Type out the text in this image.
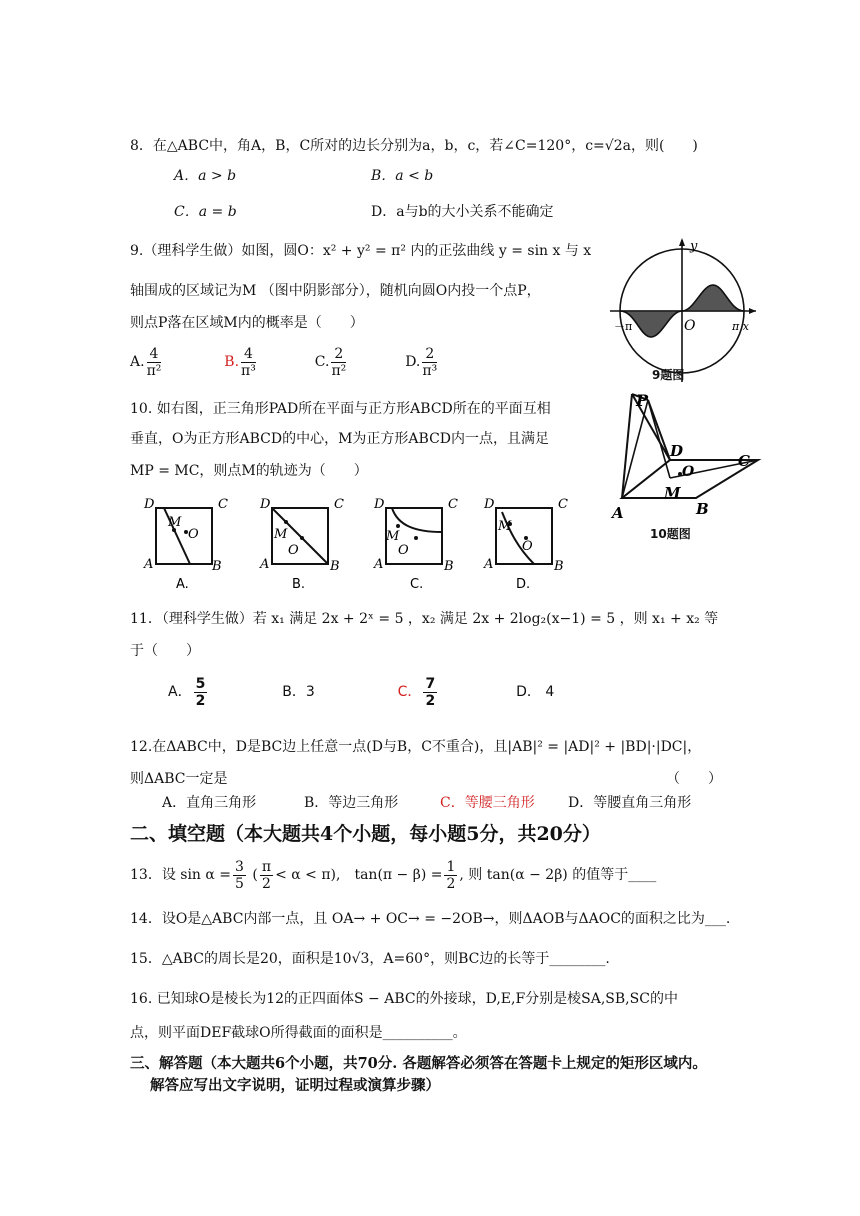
8．在△ABC中，角A，B，C所对的边长分别为a，b，c，若∠C=120°，c=√2a，则(　　)
A．a > b	B．a < b
C．a = b	D．a与b的大小关系不能确定
9.（理科学生做）如图，圆O：x² + y² = π² 内的正弦曲线 y = sin x 与 x
轴围成的区域记为M （图中阴影部分），随机向圆O内投一个点P，
则点P落在区域M内的概率是（　　）
A. $\frac{4}{\text{π²}}$	B. $\frac{4}{\text{π³}}$	C. $\frac{2}{\text{π²}}$	D. $\frac{2}{\text{π³}}$
y
－π	O	π x
9题图
10. 如右图，正三角形PAD所在平面与正方形ABCD所在的平面互相
垂直，O为正方形ABCD的中心，M为正方形ABCD内一点，且满足
MP = MC，则点M的轨迹为（　　）
P
D
C
A	B
M
O
10题图
D	C
A	B
M
O
A.
D	C
A	B
M
O
B.
D	C
A	B
M
O
C.
D	C
A	B
M
O
D.
11．（理科学生做）若 x₁ 满足 2x + 2ˣ = 5 ，x₂ 满足 2x + 2log₂(x−1) = 5 ，则 x₁ + x₂ 等
于（　　）
A． $\frac{5}{2}$	B．3	C． $\frac{7}{2}$	D． 4
12.在ΔABC中，D是BC边上任意一点(D与B，C不重合)，且|AB|² = |AD|² + |BD|·|DC|，
则ΔABC一定是	（　　）
A．直角三角形	B．等边三角形	C．等腰三角形 D．等腰直角三角形
二、填空题（本大题共4个小题，每小题5分，共20分）
13．设 $\sin \alpha = \frac{3}{5}$ ( $\frac{\pi}{2} < \alpha < \pi$),　$\tan(\pi - \beta) = \frac{1}{2}$ , 则 tan(α − 2β) 的值等于____
14．设O是△ABC内部一点，且 OA→ + OC→ = −2OB→，则ΔAOB与ΔAOC的面积之比为___.
15．△ABC的周长是20，面积是10√3，A=60°，则BC边的长等于________.
16. 已知球O是棱长为12的正四面体S − ABC的外接球，D,E,F分别是棱SA,SB,SC的中
点，则平面DEF截球O所得截面的面积是__________。
三、解答题（本大题共6个小题，共70分. 各题解答必须答在答题卡上规定的矩形区域内。
解答应写出文字说明，证明过程或演算步骤）
